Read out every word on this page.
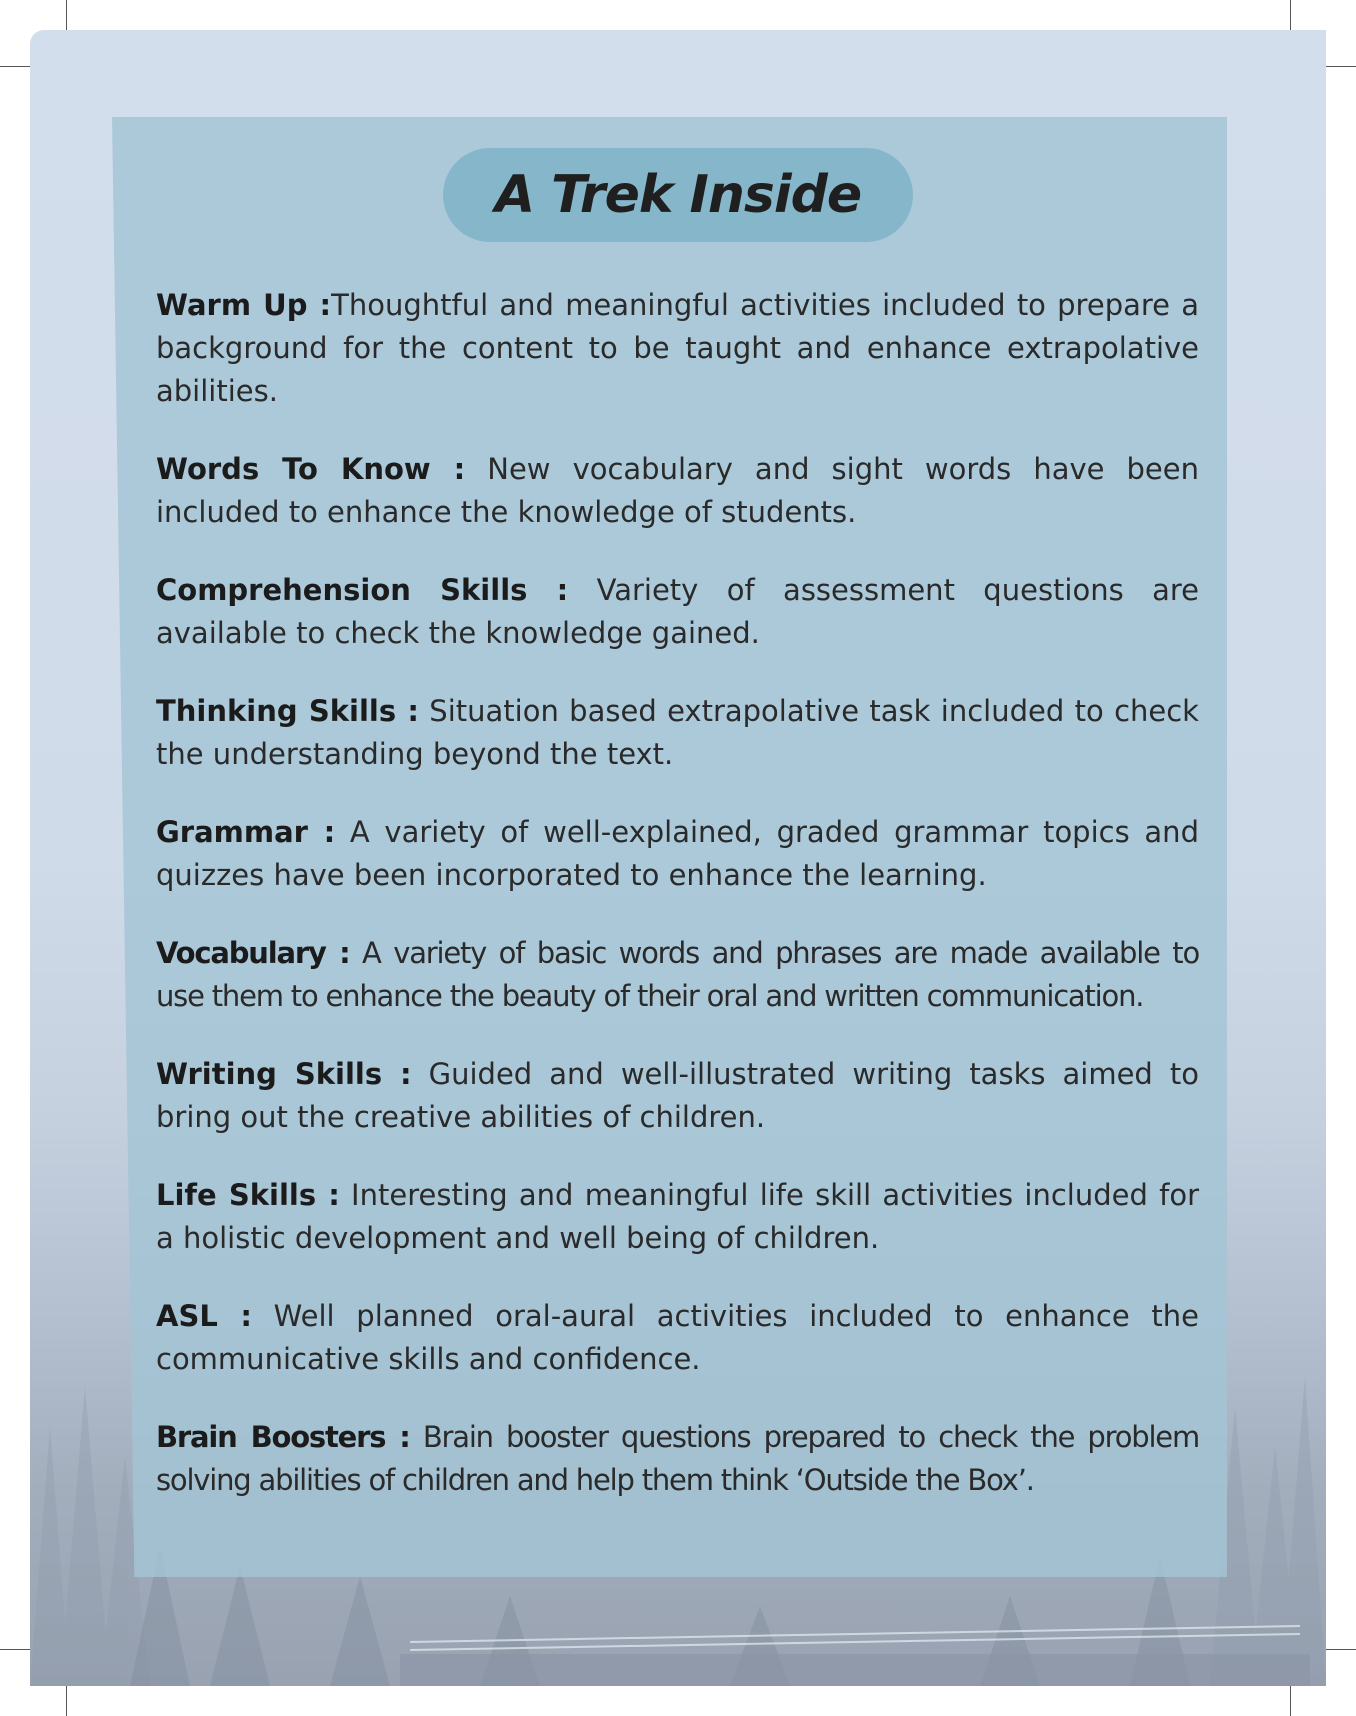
A Trek Inside

Warm Up :Thoughtful and meaningful activities included to prepare a background for the content to be taught and enhance extrapolative abilities.

Words To Know : New vocabulary and sight words have been included to enhance the knowledge of students.

Comprehension Skills : Variety of assessment questions are available to check the knowledge gained.

Thinking Skills : Situation based extrapolative task included to check the understanding beyond the text.

Grammar : A variety of well-explained, graded grammar topics and quizzes have been incorporated to enhance the learning.

Vocabulary : A variety of basic words and phrases are made available to use them to enhance the beauty of their oral and written communication.

Writing Skills : Guided and well-illustrated writing tasks aimed to bring out the creative abilities of children.

Life Skills : Interesting and meaningful life skill activities included for a holistic development and well being of children.

ASL : Well planned oral-aural activities included to enhance the communicative skills and confidence.

Brain Boosters : Brain booster questions prepared to check the problem solving abilities of children and help them think ‘Outside the Box’.
